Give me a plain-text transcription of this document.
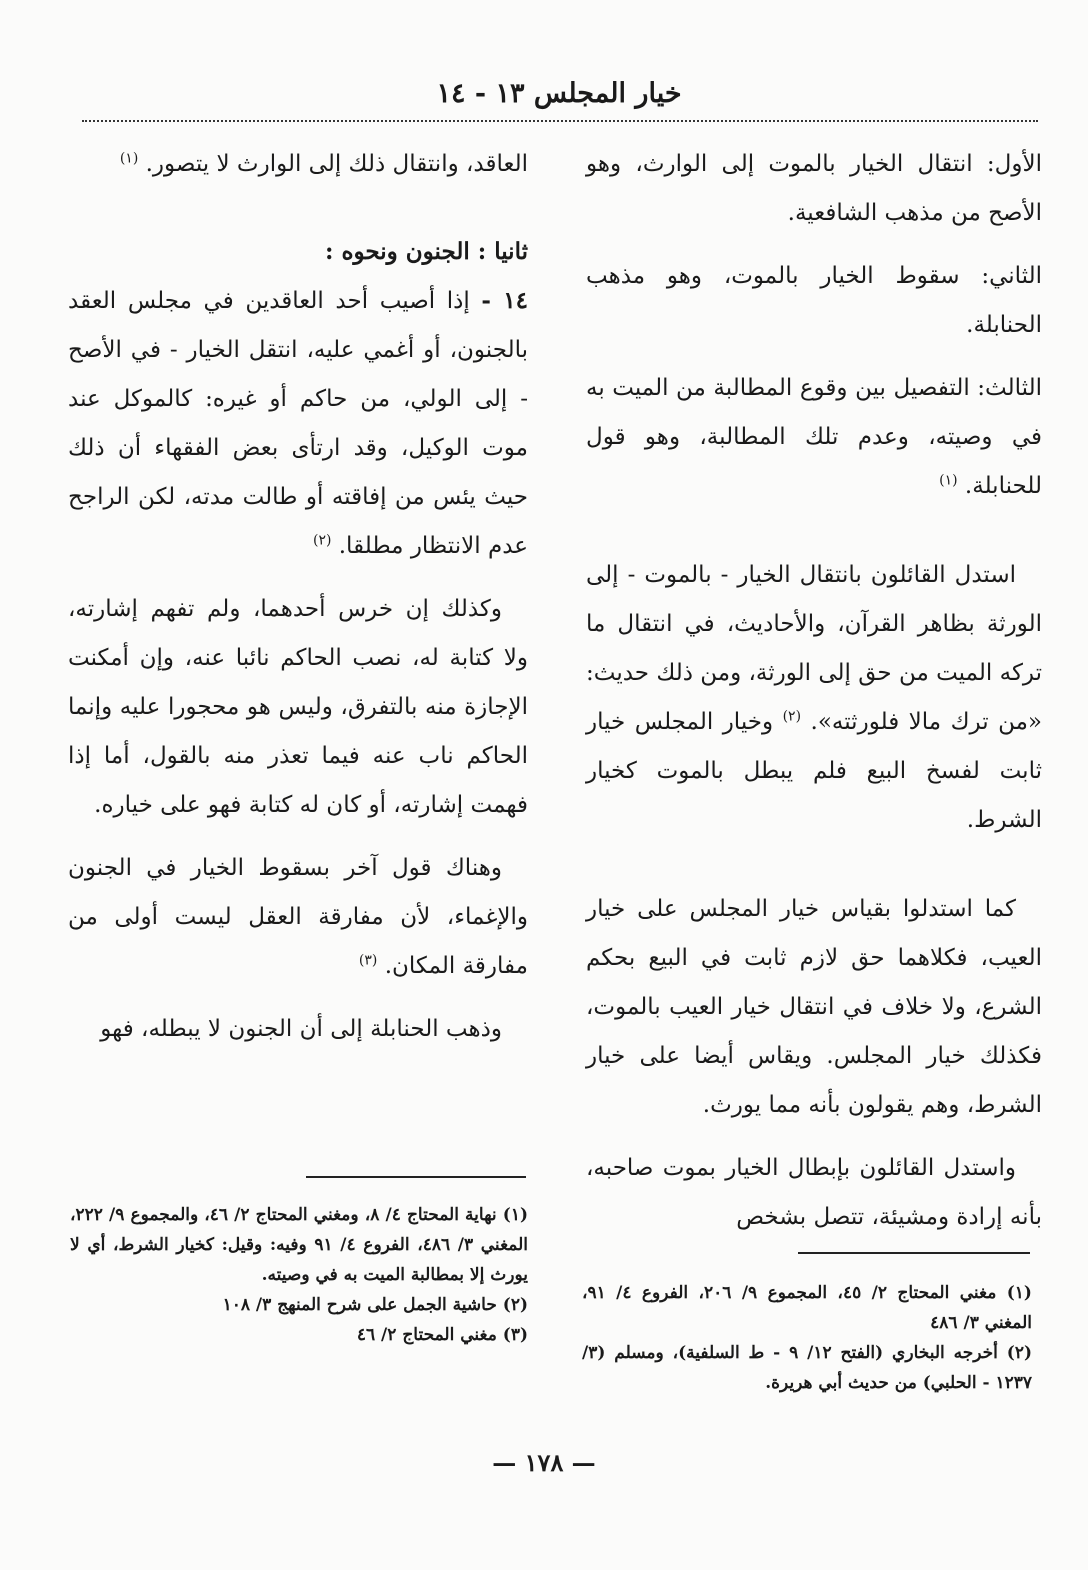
خيار المجلس ١٣ - ١٤

الأول: انتقال الخيار بالموت إلى الوارث، وهو الأصح من مذهب الشافعية.

الثاني: سقوط الخيار بالموت، وهو مذهب الحنابلة.

الثالث: التفصيل بين وقوع المطالبة من الميت به في وصيته، وعدم تلك المطالبة، وهو قول للحنابلة. $^{(١)}$

استدل القائلون بانتقال الخيار - بالموت - إلى الورثة بظاهر القرآن، والأحاديث، في انتقال ما تركه الميت من حق إلى الورثة، ومن ذلك حديث: «من ترك مالا فلورثته». $^{(٢)}$ وخيار المجلس خيار ثابت لفسخ البيع فلم يبطل بالموت كخيار الشرط.

كما استدلوا بقياس خيار المجلس على خيار العيب، فكلاهما حق لازم ثابت في البيع بحكم الشرع، ولا خلاف في انتقال خيار العيب بالموت، فكذلك خيار المجلس. ويقاس أيضا على خيار الشرط، وهم يقولون بأنه مما يورث.

واستدل القائلون بإبطال الخيار بموت صاحبه، بأنه إرادة ومشيئة، تتصل بشخص

العاقد، وانتقال ذلك إلى الوارث لا يتصور. $^{(١)}$

ثانيا : الجنون ونحوه :

١٤ - إذا أصيب أحد العاقدين في مجلس العقد بالجنون، أو أغمي عليه، انتقل الخيار - في الأصح - إلى الولي، من حاكم أو غيره: كالموكل عند موت الوكيل، وقد ارتأى بعض الفقهاء أن ذلك حيث يئس من إفاقته أو طالت مدته، لكن الراجح عدم الانتظار مطلقا. $^{(٢)}$

وكذلك إن خرس أحدهما، ولم تفهم إشارته، ولا كتابة له، نصب الحاكم نائبا عنه، وإن أمكنت الإجازة منه بالتفرق، وليس هو محجورا عليه وإنما الحاكم ناب عنه فيما تعذر منه بالقول، أما إذا فهمت إشارته، أو كان له كتابة فهو على خياره.

وهناك قول آخر بسقوط الخيار في الجنون والإغماء، لأن مفارقة العقل ليست أولى من مفارقة المكان. $^{(٣)}$

وذهب الحنابلة إلى أن الجنون لا يبطله، فهو

(١) مغني المحتاج ٢/ ٤٥، المجموع ٩/ ٢٠٦، الفروع ٤/ ٩١، المغني ٣/ ٤٨٦

(٢) أخرجه البخاري (الفتح ١٢/ ٩ - ط السلفية)، ومسلم (٣/ ١٢٣٧ - الحلبي) من حديث أبي هريرة.

(١) نهاية المحتاج ٤/ ٨، ومغني المحتاج ٢/ ٤٦، والمجموع ٩/ ٢٢٢، المغني ٣/ ٤٨٦، الفروع ٤/ ٩١ وفيه: وقيل: كخيار الشرط، أي لا يورث إلا بمطالبة الميت به في وصيته.

(٢) حاشية الجمل على شرح المنهج ٣/ ١٠٨

(٣) مغني المحتاج ٢/ ٤٦

— ١٧٨ —
